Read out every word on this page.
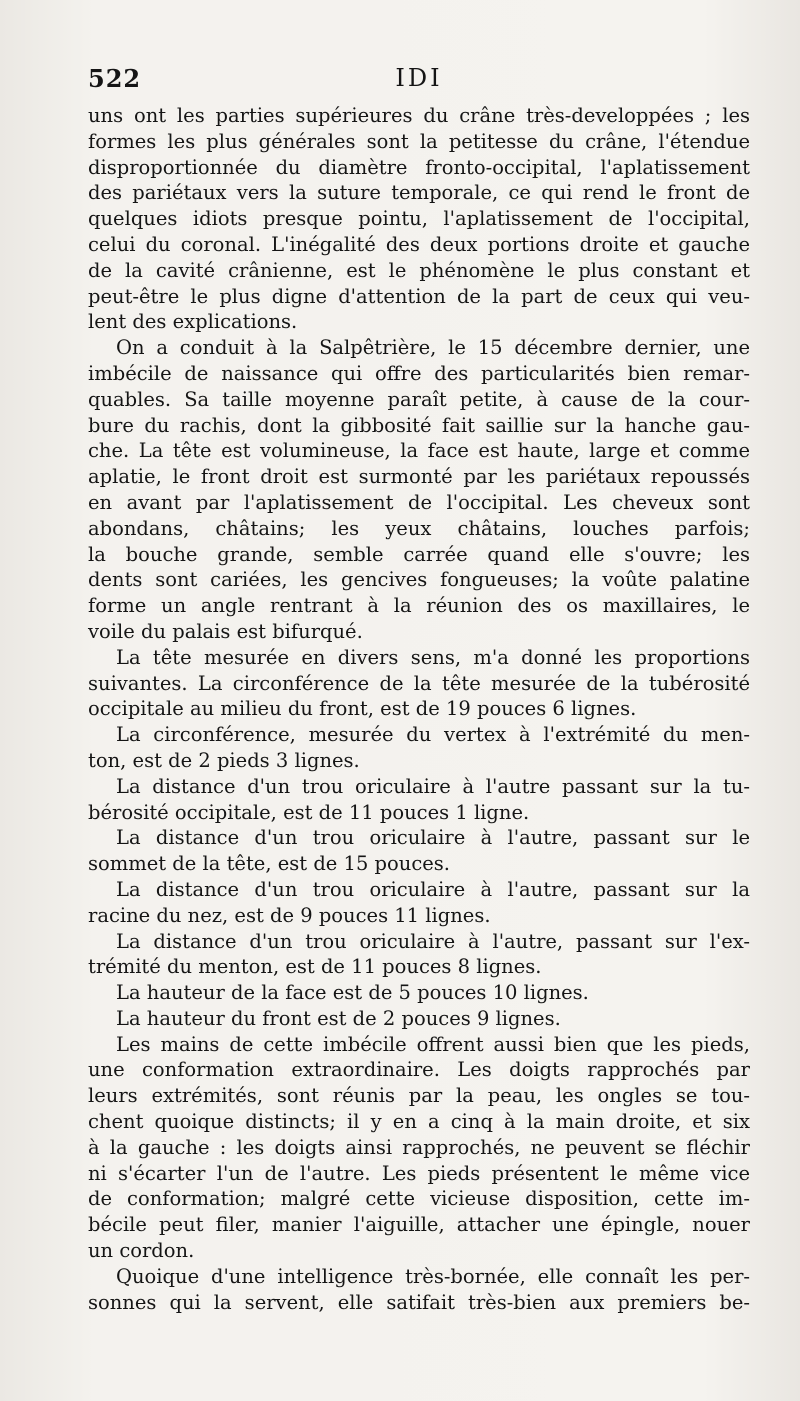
522	IDI
uns ont les parties supérieures du crâne très-developpées ; les
formes les plus générales sont la petitesse du crâne, l'étendue
disproportionnée du diamètre fronto-occipital, l'aplatissement
des pariétaux vers la suture temporale, ce qui rend le front de
quelques idiots presque pointu, l'aplatissement de l'occipital,
celui du coronal. L'inégalité des deux portions droite et gauche
de la cavité crânienne, est le phénomène le plus constant et
peut-être le plus digne d'attention de la part de ceux qui veu-
lent des explications.
On a conduit à la Salpêtrière, le 15 décembre dernier, une
imbécile de naissance qui offre des particularités bien remar-
quables. Sa taille moyenne paraît petite, à cause de la cour-
bure du rachis, dont la gibbosité fait saillie sur la hanche gau-
che. La tête est volumineuse, la face est haute, large et comme
aplatie, le front droit est surmonté par les pariétaux repoussés
en avant par l'aplatissement de l'occipital. Les cheveux sont
abondans, châtains; les yeux châtains, louches parfois;
la bouche grande, semble carrée quand elle s'ouvre; les
dents sont cariées, les gencives fongueuses; la voûte palatine
forme un angle rentrant à la réunion des os maxillaires, le
voile du palais est bifurqué.
La tête mesurée en divers sens, m'a donné les proportions
suivantes. La circonférence de la tête mesurée de la tubérosité
occipitale au milieu du front, est de 19 pouces 6 lignes.
La circonférence, mesurée du vertex à l'extrémité du men-
ton, est de 2 pieds 3 lignes.
La distance d'un trou oriculaire à l'autre passant sur la tu-
bérosité occipitale, est de 11 pouces 1 ligne.
La distance d'un trou oriculaire à l'autre, passant sur le
sommet de la tête, est de 15 pouces.
La distance d'un trou oriculaire à l'autre, passant sur la
racine du nez, est de 9 pouces 11 lignes.
La distance d'un trou oriculaire à l'autre, passant sur l'ex-
trémité du menton, est de 11 pouces 8 lignes.
La hauteur de la face est de 5 pouces 10 lignes.
La hauteur du front est de 2 pouces 9 lignes.
Les mains de cette imbécile offrent aussi bien que les pieds,
une conformation extraordinaire. Les doigts rapprochés par
leurs extrémités, sont réunis par la peau, les ongles se tou-
chent quoique distincts; il y en a cinq à la main droite, et six
à la gauche : les doigts ainsi rapprochés, ne peuvent se fléchir
ni s'écarter l'un de l'autre. Les pieds présentent le même vice
de conformation; malgré cette vicieuse disposition, cette im-
bécile peut filer, manier l'aiguille, attacher une épingle, nouer
un cordon.
Quoique d'une intelligence très-bornée, elle connaît les per-
sonnes qui la servent, elle satifait très-bien aux premiers be-
